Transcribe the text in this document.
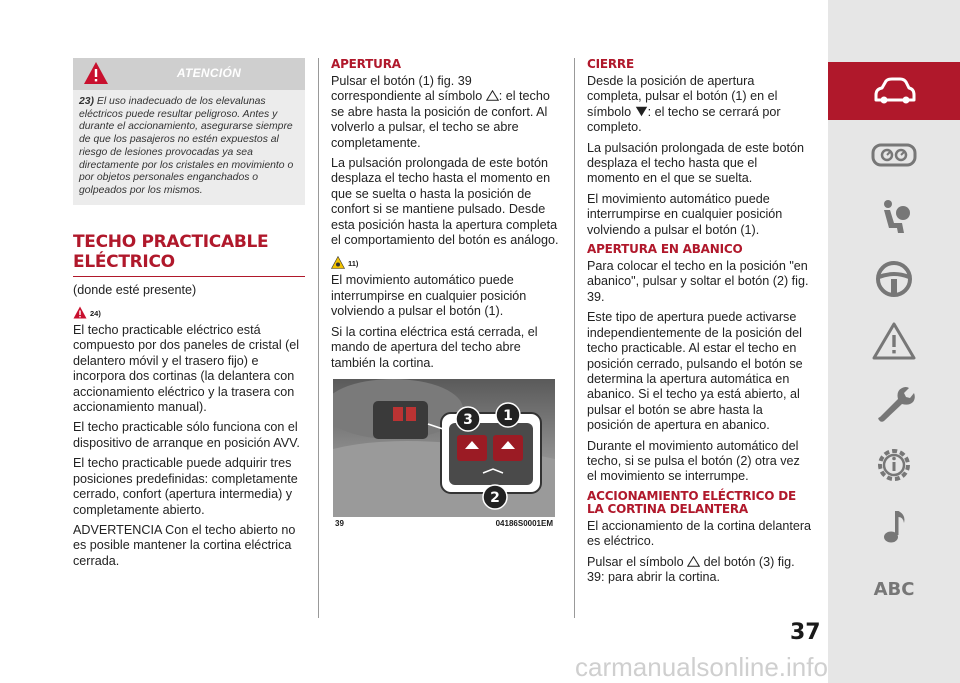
ATENCIÓN
23) El uso inadecuado de los elevalunas eléctricos puede resultar peligroso. Antes y durante el accionamiento, asegurarse siempre de que los pasajeros no estén expuestos al riesgo de lesiones provocadas ya sea directamente por los cristales en movimiento o por objetos personales enganchados o golpeados por los mismos.
TECHO PRACTICABLE
ELÉCTRICO

(donde esté presente)

24)

El techo practicable eléctrico está compuesto por dos paneles de cristal (el delantero móvil y el trasero fijo) e incorpora dos cortinas (la delantera con accionamiento eléctrico y la trasera con accionamiento manual).

El techo practicable sólo funciona con el dispositivo de arranque en posición AVV.

El techo practicable puede adquirir tres posiciones predefinidas: completamente cerrado, confort (apertura intermedia) y completamente abierto.

ADVERTENCIA Con el techo abierto no es posible mantener la cortina eléctrica cerrada.

APERTURA

Pulsar el botón (1) fig. 39 correspondiente al símbolo : el techo se abre hasta la posición de confort. Al volverlo a pulsar, el techo se abre completamente.

La pulsación prolongada de este botón desplaza el techo hasta el momento en que se suelta o hasta la posición de confort si se mantiene pulsado. Desde esta posición hasta la apertura completa el comportamiento del botón es análogo.

11)

El movimiento automático puede interrumpirse en cualquier posición volviendo a pulsar el botón (1).

Si la cortina eléctrica está cerrada, el mando de apertura del techo abre también la cortina.

3 1
2
39	04186S0001EM
CIERRE

Desde la posición de apertura completa, pulsar el botón (1) en el símbolo : el techo se cerrará por completo.

La pulsación prolongada de este botón desplaza el techo hasta que el momento en el que se suelta.

El movimiento automático puede interrumpirse en cualquier posición volviendo a pulsar el botón (1).

APERTURA EN ABANICO

Para colocar el techo en la posición "en abanico", pulsar y soltar el botón (2) fig. 39.

Este tipo de apertura puede activarse independientemente de la posición del techo practicable. Al estar el techo en posición cerrado, pulsando el botón se determina la apertura automática en abanico. Si el techo ya está abierto, al pulsar el botón se abre hasta la posición de apertura en abanico.

Durante el movimiento automático del techo, si se pulsa el botón (2) otra vez el movimiento se interrumpe.

ACCIONAMIENTO ELÉCTRICO DE LA CORTINA DELANTERA

El accionamiento de la cortina delantera es eléctrico.

Pulsar el símbolo del botón (3) fig. 39: para abrir la cortina.

ABC
37
carmanualsonline.info
